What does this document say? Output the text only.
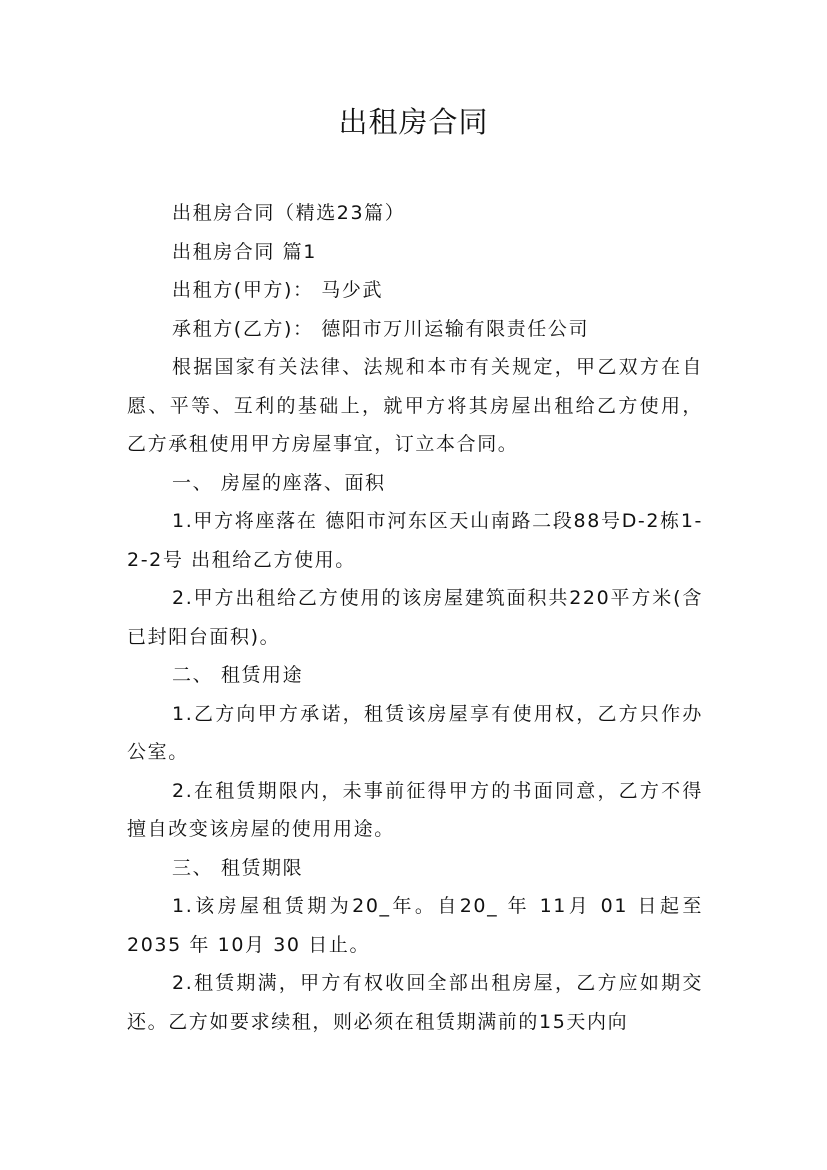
出租房合同

出租房合同（精选23篇）

出租房合同 篇1

出租方(甲方)： 马少武

承租方(乙方)： 德阳市万川运输有限责任公司

根据国家有关法律、法规和本市有关规定，甲乙双方在自愿、平等、互利的基础上，就甲方将其房屋出租给乙方使用，乙方承租使用甲方房屋事宜，订立本合同。

一、 房屋的座落、面积

1.甲方将座落在 德阳市河东区天山南路二段88号D-2栋1-2-2号 出租给乙方使用。

2.甲方出租给乙方使用的该房屋建筑面积共220平方米(含已封阳台面积)。

二、 租赁用途

1.乙方向甲方承诺，租赁该房屋享有使用权，乙方只作办公室。

2.在租赁期限内，未事前征得甲方的书面同意，乙方不得擅自改变该房屋的使用用途。

三、 租赁期限

1.该房屋租赁期为20_年。自20_ 年 11月 01 日起至2035 年 10月 30 日止。

2.租赁期满，甲方有权收回全部出租房屋，乙方应如期交还。乙方如要求续租，则必须在租赁期满前的15天内向
